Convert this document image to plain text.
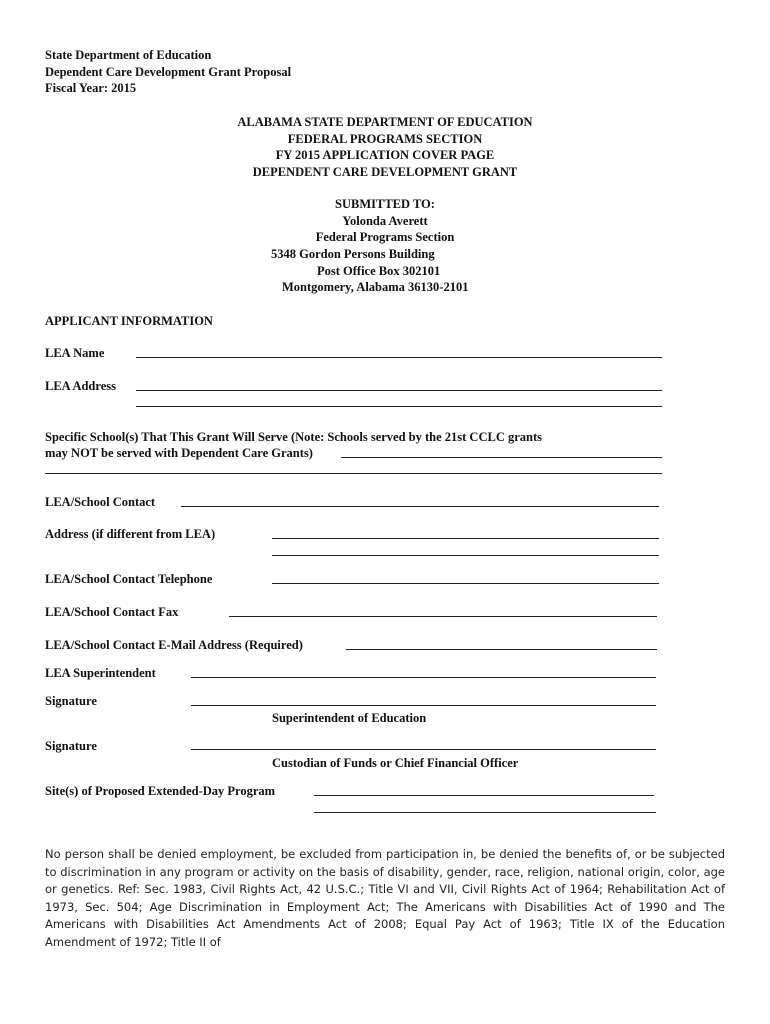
State Department of Education
Dependent Care Development Grant Proposal
Fiscal Year: 2015
ALABAMA STATE DEPARTMENT OF EDUCATION
FEDERAL PROGRAMS SECTION
FY 2015 APPLICATION COVER PAGE
DEPENDENT CARE DEVELOPMENT GRANT
SUBMITTED TO:
Yolonda Averett
Federal Programs Section
5348 Gordon Persons Building
Post Office Box 302101
Montgomery, Alabama 36130-2101
APPLICANT INFORMATION
LEA Name
LEA Address
Specific School(s) That This Grant Will Serve (Note: Schools served by the 21st CCLC grants
may NOT be served with Dependent Care Grants)
LEA/School Contact
Address (if different from LEA)
LEA/School Contact Telephone
LEA/School Contact Fax
LEA/School Contact E-Mail Address (Required)
LEA Superintendent
Signature
Superintendent of Education
Signature
Custodian of Funds or Chief Financial Officer
Site(s) of Proposed Extended-Day Program
No person shall be denied employment, be excluded from participation in, be denied the benefits of, or be subjected to discrimination in any program or activity on the basis of disability, gender, race, religion, national origin, color, age or genetics. Ref: Sec. 1983, Civil Rights Act, 42 U.S.C.; Title VI and VII, Civil Rights Act of 1964; Rehabilitation Act of 1973, Sec. 504; Age Discrimination in Employment Act; The Americans with Disabilities Act of 1990 and The Americans with Disabilities Act Amendments Act of 2008; Equal Pay Act of 1963; Title IX of the Education Amendment of 1972; Title II of
